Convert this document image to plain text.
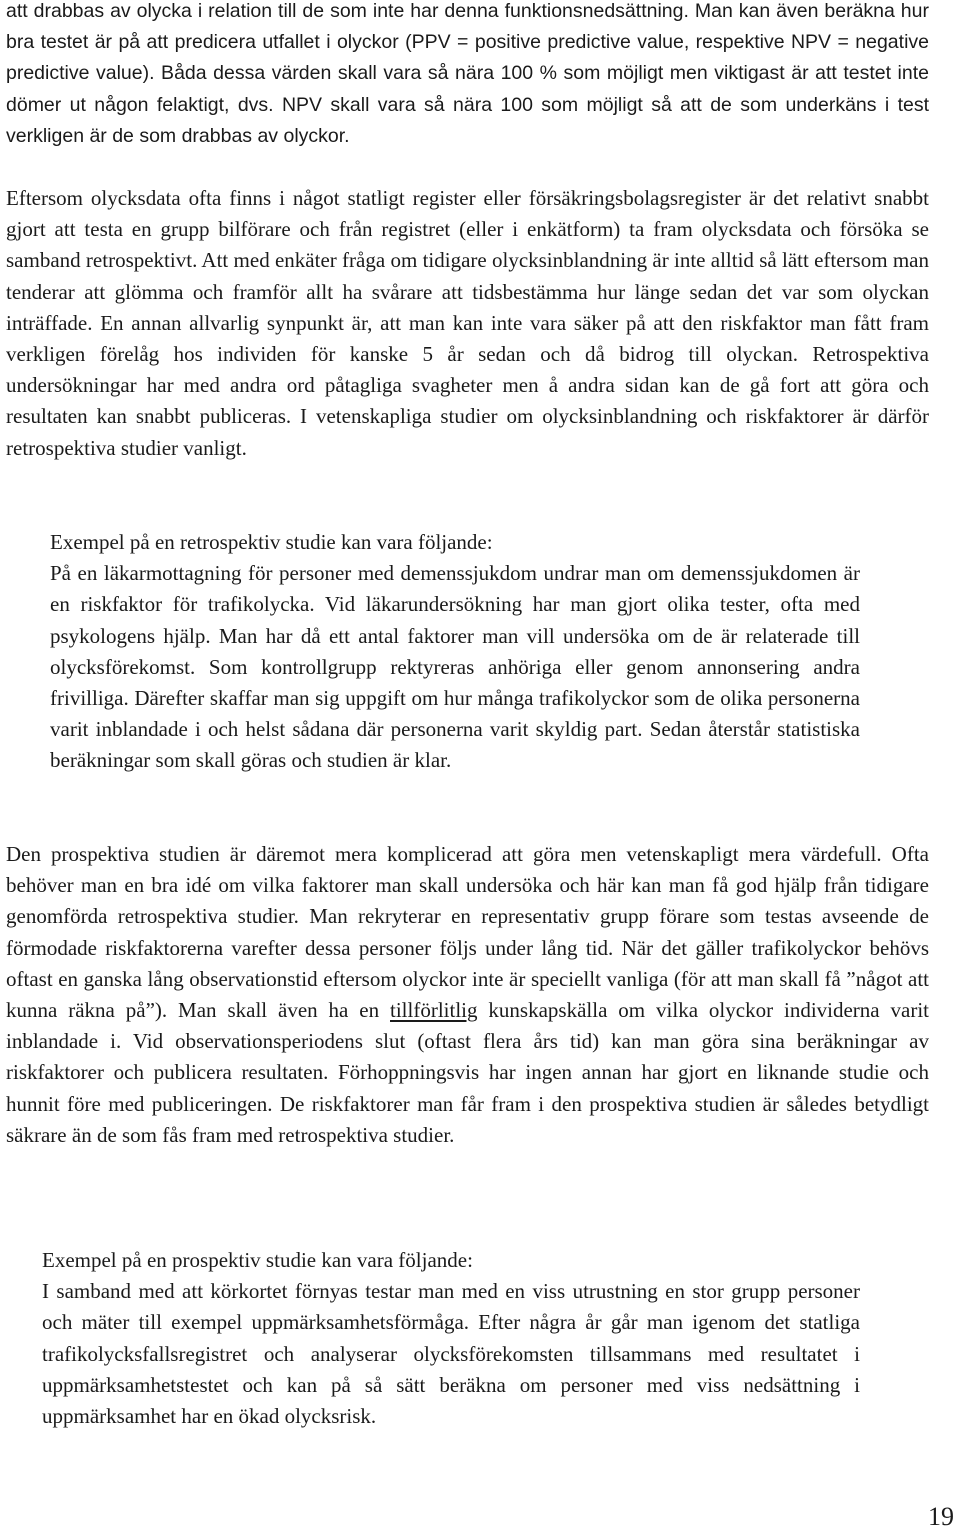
att drabbas av olycka i relation till de som inte har denna funktionsnedsättning. Man kan även beräkna hur bra testet är på att predicera utfallet i olyckor (PPV = positive predictive value, respektive NPV = negative predictive value). Båda dessa värden skall vara så nära 100 % som möjligt men viktigast är att testet inte dömer ut någon felaktigt, dvs. NPV skall vara så nära 100 som möjligt så att de som underkäns i test verkligen är de som drabbas av olyckor.

Eftersom olycksdata ofta finns i något statligt register eller försäkringsbolagsregister är det relativt snabbt gjort att testa en grupp bilförare och från registret (eller i enkätform) ta fram olycksdata och försöka se samband retrospektivt. Att med enkäter fråga om tidigare olycksinblandning är inte alltid så lätt eftersom man tenderar att glömma och framför allt ha svårare att tidsbestämma hur länge sedan det var som olyckan inträffade. En annan allvarlig synpunkt är, att man kan inte vara säker på att den riskfaktor man fått fram verkligen förelåg hos individen för kanske 5 år sedan och då bidrog till olyckan. Retrospektiva undersökningar har med andra ord påtagliga svagheter men å andra sidan kan de gå fort att göra och resultaten kan snabbt publiceras. I vetenskapliga studier om olycksinblandning och riskfaktorer är därför retrospektiva studier vanligt.

Exempel på en retrospektiv studie kan vara följande:
På en läkarmottagning för personer med demenssjukdom undrar man om demenssjukdomen är en riskfaktor för trafikolycka. Vid läkarundersökning har man gjort olika tester, ofta med psykologens hjälp. Man har då ett antal faktorer man vill undersöka om de är relaterade till olycksförekomst. Som kontrollgrupp rektyreras anhöriga eller genom annonsering andra frivilliga. Därefter skaffar man sig uppgift om hur många trafikolyckor som de olika personerna varit inblandade i och helst sådana där personerna varit skyldig part. Sedan återstår statistiska beräkningar som skall göras och studien är klar.

Den prospektiva studien är däremot mera komplicerad att göra men vetenskapligt mera värdefull. Ofta behöver man en bra idé om vilka faktorer man skall undersöka och här kan man få god hjälp från tidigare genomförda retrospektiva studier. Man rekryterar en representativ grupp förare som testas avseende de förmodade riskfaktorerna varefter dessa personer följs under lång tid. När det gäller trafikolyckor behövs oftast en ganska lång observationstid eftersom olyckor inte är speciellt vanliga (för att man skall få ”något att kunna räkna på”). Man skall även ha en tillförlitlig kunskapskälla om vilka olyckor individerna varit inblandade i. Vid observationsperiodens slut (oftast flera års tid) kan man göra sina beräkningar av riskfaktorer och publicera resultaten. Förhoppningsvis har ingen annan har gjort en liknande studie och hunnit före med publiceringen. De riskfaktorer man får fram i den prospektiva studien är således betydligt säkrare än de som fås fram med retrospektiva studier.

Exempel på en prospektiv studie kan vara följande:
I samband med att körkortet förnyas testar man med en viss utrustning en stor grupp personer och mäter till exempel uppmärksamhetsförmåga. Efter några år går man igenom det statliga trafikolycksfallsregistret och analyserar olycksförekomsten tillsammans med resultatet i uppmärksamhetstestet och kan på så sätt beräkna om personer med viss nedsättning i uppmärksamhet har en ökad olycksrisk.
19
